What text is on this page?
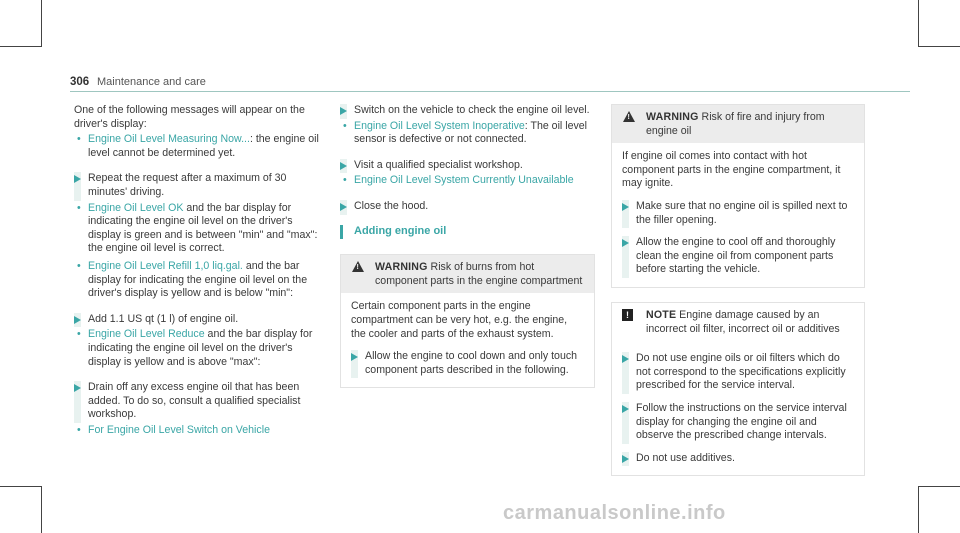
306 Maintenance and care

One of the following messages will appear on the driver's display:

• Engine Oil Level Measuring Now...: the engine oil level cannot be determined yet.
Repeat the request after a maximum of 30 minutes' driving.
• Engine Oil Level OK and the bar display for indicating the engine oil level on the driver's display is green and is between "min" and "max": the engine oil level is correct.
• Engine Oil Level Refill 1,0 liq.gal. and the bar display for indicating the engine oil level on the driver's display is yellow and is below "min":
Add 1.1 US qt (1 l) of engine oil.
• Engine Oil Level Reduce and the bar display for indicating the engine oil level on the driver's display is yellow and is above "max":
Drain off any excess engine oil that has been added. To do so, consult a qualified specialist workshop.
• For Engine Oil Level Switch on Vehicle
Switch on the vehicle to check the engine oil level.
• Engine Oil Level System Inoperative: The oil level sensor is defective or not connected.
Visit a qualified specialist workshop.
• Engine Oil Level System Currently Unavailable
Close the hood.
Adding engine oil
! WARNING Risk of burns from hot component parts in the engine compartment

Certain component parts in the engine compartment can be very hot, e.g. the engine, the cooler and parts of the exhaust system.

Allow the engine to cool down and only touch component parts described in the following.
! WARNING Risk of fire and injury from engine oil

If engine oil comes into contact with hot component parts in the engine compartment, it may ignite.

Make sure that no engine oil is spilled next to the filler opening.
Allow the engine to cool off and thoroughly clean the engine oil from component parts before starting the vehicle.
!	NOTE Engine damage caused by an incorrect oil filter, incorrect oil or additives
Do not use engine oils or oil filters which do not correspond to the specifications explicitly prescribed for the service interval.
Follow the instructions on the service interval display for changing the engine oil and observe the prescribed change intervals.
Do not use additives.
carmanualsonline.info
